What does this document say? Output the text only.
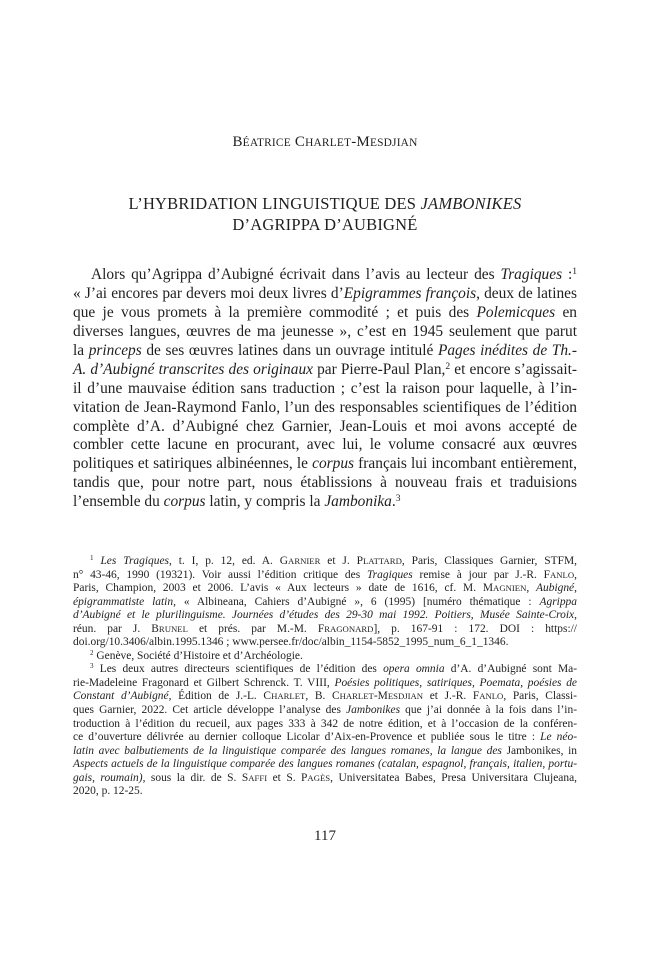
BÉATRICE CHARLET-MESDJIAN
L’HYBRIDATION LINGUISTIQUE DES JAMBONIKES
D’AGRIPPA D’AUBIGNÉ
Alors qu’Agrippa d’Aubigné écrivait dans l’avis au lecteur des Tragiques :$^1$
« J’ai encores par devers moi deux livres d’Epigrammes françois, deux de latines
que je vous promets à la première commodité ; et puis des Polemicques en
diverses langues, œuvres de ma jeunesse », c’est en 1945 seulement que parut
la princeps de ses œuvres latines dans un ouvrage intitulé Pages inédites de Th.-
A. d’Aubigné transcrites des originaux par Pierre-Paul Plan,$^2$ et encore s’agissait-
il d’une mauvaise édition sans traduction ; c’est la raison pour laquelle, à l’in-
vitation de Jean-Raymond Fanlo, l’un des responsables scientifiques de l’édition
complète d’A. d’Aubigné chez Garnier, Jean-Louis et moi avons accepté de
combler cette lacune en procurant, avec lui, le volume consacré aux œuvres
politiques et satiriques albinéennes, le corpus français lui incombant entièrement,
tandis que, pour notre part, nous établissions à nouveau frais et traduisions
l’ensemble du corpus latin, y compris la Jambonika.$^3$
$^1$ Les Tragiques, t. I, p. 12, ed. A. GARNIER et J. PLATTARD, Paris, Classiques Garnier, STFM,
n° 43-46, 1990 (19321). Voir aussi l’édition critique des Tragiques remise à jour par J.-R. FANLO,
Paris, Champion, 2003 et 2006. L’avis « Aux lecteurs » date de 1616, cf. M. MAGNIEN, Aubigné,
épigrammatiste latin, « Albineana, Cahiers d’Aubigné », 6 (1995) [numéro thématique : Agrippa
d’Aubigné et le plurilinguisme. Journées d’études des 29-30 mai 1992. Poitiers, Musée Sainte-Croix,
réun. par J. BRUNEL et prés. par M.-M. FRAGONARD], p. 167-91 : 172. DOI : https://
doi.org/10.3406/albin.1995.1346 ; www.persee.fr/doc/albin_1154-5852_1995_num_6_1_1346.
$^2$ Genève, Société d’Histoire et d’Archéologie.
$^3$ Les deux autres directeurs scientifiques de l’édition des opera omnia d’A. d’Aubigné sont Ma-
rie-Madeleine Fragonard et Gilbert Schrenck. T. VIII, Poésies politiques, satiriques, Poemata, poésies de
Constant d’Aubigné, Édition de J.-L. CHARLET, B. CHARLET-MESDJIAN et J.-R. FANLO, Paris, Classi-
ques Garnier, 2022. Cet article développe l’analyse des Jambonikes que j’ai donnée à la fois dans l’in-
troduction à l’édition du recueil, aux pages 333 à 342 de notre édition, et à l’occasion de la conféren-
ce d’ouverture délivrée au dernier colloque Licolar d’Aix-en-Provence et publiée sous le titre : Le néo-
latin avec balbutiements de la linguistique comparée des langues romanes, la langue des Jambonikes, in
Aspects actuels de la linguistique comparée des langues romanes (catalan, espagnol, français, italien, portu-
gais, roumain), sous la dir. de S. SAFFI et S. PAGÈS, Universitatea Babes, Presa Universitara Clujeana,
2020, p. 12-25.
117
